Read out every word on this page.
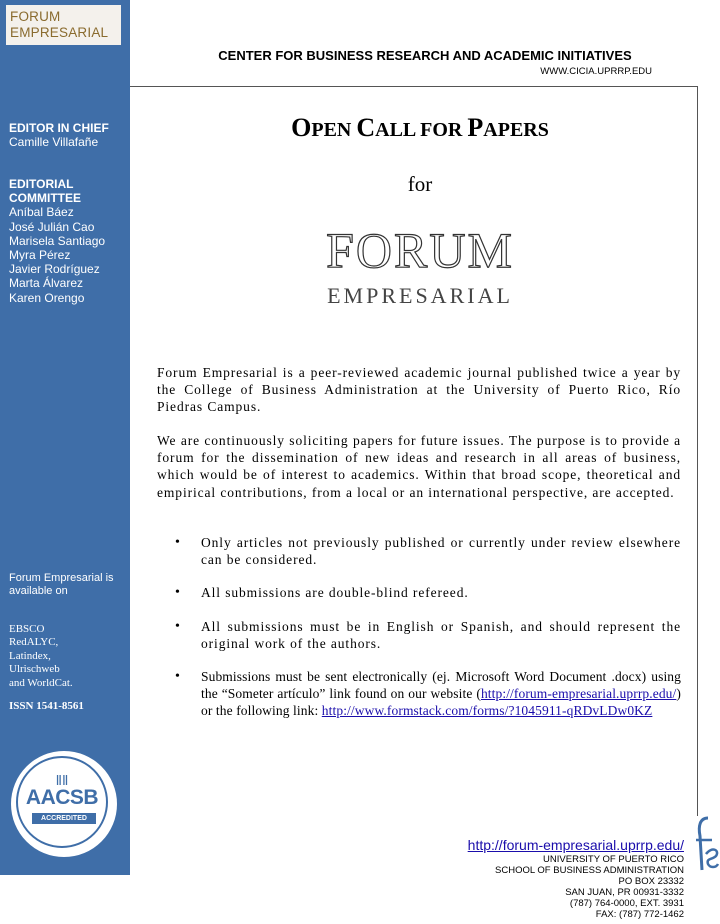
FORUM
EMPRESARIAL
EDITOR IN CHIEF
Camille Villafañe
EDITORIAL
COMMITTEE
Aníbal Báez
José Julián Cao
Marisela Santiago
Myra Pérez
Javier Rodríguez
Marta Álvarez
Karen Orengo
Forum Empresarial is
available on
EBSCO
RedALYC,
Latindex,
Ulrischweb
and WorldCat.
ISSN 1541-8561
ⅡⅡ
AACSB
ACCREDITED
CENTER FOR BUSINESS RESEARCH AND ACADEMIC INITIATIVES
WWW.CICIA.UPRRP.EDU
OPEN CALL FOR PAPERS
for
FORUM
EMPRESARIAL
Forum Empresarial is a peer-reviewed academic journal published twice a year by the College of Business Administration at the University of Puerto Rico, Río Piedras Campus.
We are continuously soliciting papers for future issues. The purpose is to provide a forum for the dissemination of new ideas and research in all areas of business, which would be of interest to academics. Within that broad scope, theoretical and empirical contributions, from a local or an international perspective, are accepted.
• Only articles not previously published or currently under review elsewhere can be considered.
• All submissions are double-blind refereed.
• All submissions must be in English or Spanish, and should represent the original work of the authors.
• Submissions must be sent electronically (ej. Microsoft Word Document .docx) using the “Someter artículo” link found on our website (http://forum-empresarial.uprrp.edu/) or the following link: http://www.formstack.com/forms/?1045911-qRDvLDw0KZ
http://forum-empresarial.uprrp.edu/
UNIVERSITY OF PUERTO RICO
SCHOOL OF BUSINESS ADMINISTRATION
PO BOX 23332
SAN JUAN, PR 00931-3332
(787) 764-0000, EXT. 3931
FAX: (787) 772-1462
